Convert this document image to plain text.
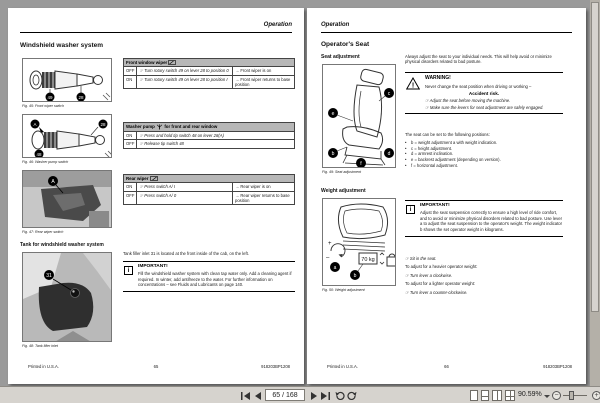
Operation
Windshield washer system
49	28
Fig. 45: Front wiper switch
A	28
48
Fig. 46: Washer pump switch
A
Fig. 47: Rear wiper switch
Tank for windshield washer system
31
Fig. 48: Tank filler inlet
Front window wiper		
OFF	☞ Turn rotary switch 49 on lever 28 to position 0	→ Front wiper is on
ON	☞ Turn rotary switch 49 on lever 28 to position I	→ Front wiper returns to base position
Washer pump for front and rear window	
ON	☞ Press and hold tip switch 48 on lever 28(A)
OFF	☞ Release tip switch 48
Rear wiper		
ON	☞ Press switch A/ I	→ Rear wiper is on
OFF	☞ Press switch A/ 0	→ Rear wiper returns to base position
Tank filler inlet 31 is located at the front inside of the cab, on the left.
i
IMPORTANT!
Fill the windshield washer system with clean tap water only. Add a cleaning agent if required. In winter, add antifreeze to the water. For further information on concentrations – see Fluids and Lubricants on page 140.
Printed in U.S.A.	65	918203BP1208
Operation
Operator's Seat
Seat adjustment
c
e
b
f
d
Fig. 49: Seat adjustment
Always adjust the seat to your individual needs. This will help avoid or minimize physical disorders related to bad posture.
!
WARNING!
Never change the seat position when driving or working –
Accident risk.
☞ Adjust the seat before moving the machine.
☞ Make sure the levers for seat adjustment are safely engaged.
The seat can be set to the following positions:
• b = weight adjustment a with weight indication.
• c = height adjustment.
• d = armrest inclination.
• e = backrest adjustment (depending on version).
• f = horizontal adjustment.
Weight adjustment
+
–
a
70 kg
b
Fig. 50: Weight adjustment
i
IMPORTANT!
Adjust the seat suspension correctly to ensure a high level of ride comfort, and to avoid or minimize physical disorders related to bad posture. Use lever a to adjust the seat suspension to the operator's weight. The weight indicator b shows the set operator weight in kilograms.
☞ Sit in the seat.
To adjust for a heavier operator weight:
☞ Turn lever a clockwise.
To adjust for a lighter operator weight:
☞ Turn lever a counter-clockwise.
Printed in U.S.A.	66	918203BP1208
65 / 168
90.59%	−	+
